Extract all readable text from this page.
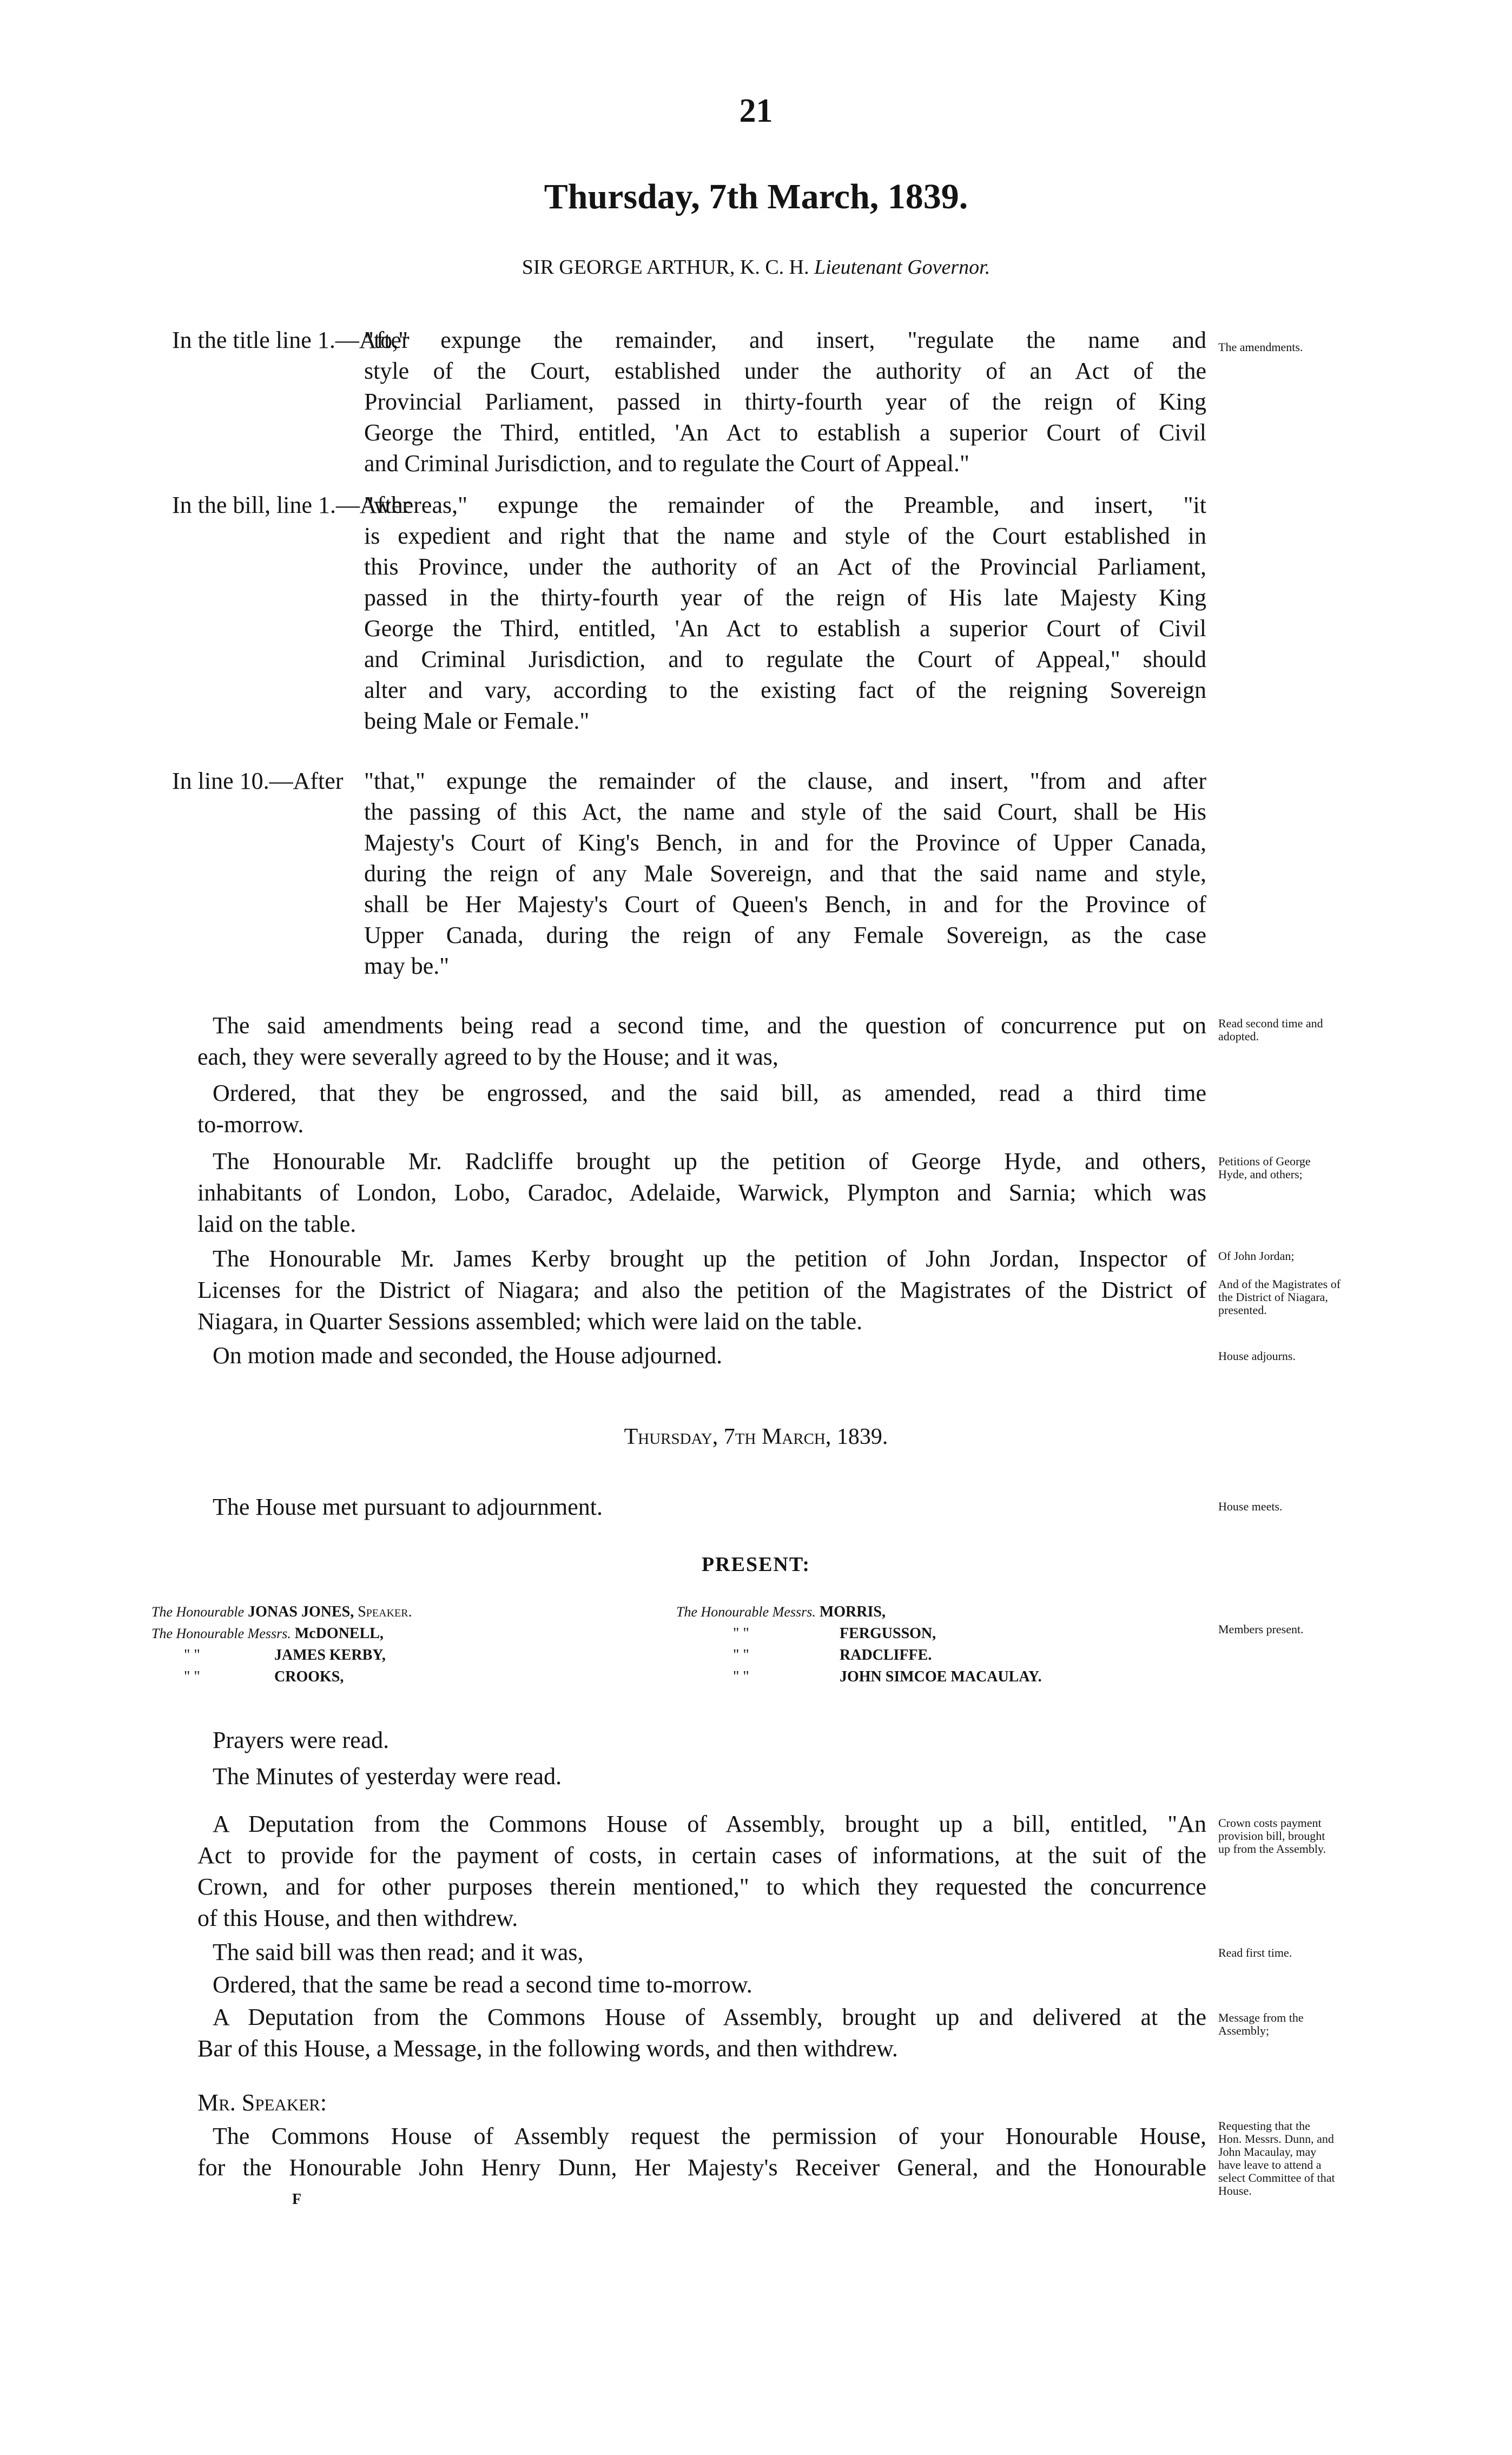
21
Thursday, 7th March, 1839.
SIR GEORGE ARTHUR, K. C. H. Lieutenant Governor.
In the title line 1.—After
"to," expunge the remainder, and insert, "regulate the name and
style of the Court, established under the authority of an Act of the
Provincial Parliament, passed in thirty-fourth year of the reign of King
George the Third, entitled, 'An Act to establish a superior Court of Civil
and Criminal Jurisdiction, and to regulate the Court of Appeal."
In the bill, line 1.—After
"whereas," expunge the remainder of the Preamble, and insert, "it
is expedient and right that the name and style of the Court established in
this Province, under the authority of an Act of the Provincial Parliament,
passed in the thirty-fourth year of the reign of His late Majesty King
George the Third, entitled, 'An Act to establish a superior Court of Civil
and Criminal Jurisdiction, and to regulate the Court of Appeal," should
alter and vary, according to the existing fact of the reigning Sovereign
being Male or Female."
In line 10.—After "that," expunge the remainder of the clause, and insert, "from and after
the passing of this Act, the name and style of the said Court, shall be His
Majesty's Court of King's Bench, in and for the Province of Upper Canada,
during the reign of any Male Sovereign, and that the said name and style,
shall be Her Majesty's Court of Queen's Bench, in and for the Province of
Upper Canada, during the reign of any Female Sovereign, as the case
may be."
The said amendments being read a second time, and the question of concurrence put on
each, they were severally agreed to by the House; and it was,
Ordered, that they be engrossed, and the said bill, as amended, read a third time
to-morrow.
The Honourable Mr. Radcliffe brought up the petition of George Hyde, and others,
inhabitants of London, Lobo, Caradoc, Adelaide, Warwick, Plympton and Sarnia; which was
laid on the table.
The Honourable Mr. James Kerby brought up the petition of John Jordan, Inspector of
Licenses for the District of Niagara; and also the petition of the Magistrates of the District of
Niagara, in Quarter Sessions assembled; which were laid on the table.
On motion made and seconded, the House adjourned.
Thursday, 7th March, 1839.
The House met pursuant to adjournment.
PRESENT:
The Honourable JONAS JONES, Speaker.
The Honourable Messrs. McDONELL,
" "	JAMES KERBY,
" "	CROOKS,
The Honourable Messrs. MORRIS,
" "	FERGUSSON,
" "	RADCLIFFE.
" "	JOHN SIMCOE MACAULAY.
Prayers were read.
The Minutes of yesterday were read.
A Deputation from the Commons House of Assembly, brought up a bill, entitled, "An
Act to provide for the payment of costs, in certain cases of informations, at the suit of the
Crown, and for other purposes therein mentioned," to which they requested the concurrence
of this House, and then withdrew.
The said bill was then read; and it was,
Ordered, that the same be read a second time to-morrow.
A Deputation from the Commons House of Assembly, brought up and delivered at the
Bar of this House, a Message, in the following words, and then withdrew.
Mr. Speaker:
The Commons House of Assembly request the permission of your Honourable House,
for the Honourable John Henry Dunn, Her Majesty's Receiver General, and the Honourable
F
The amendments.
Read second time and
adopted.
Petitions of George
Hyde, and others;
Of John Jordan;
And of the Magistrates of
the District of Niagara,
presented.
House adjourns.
House meets.
Members present.
Crown costs payment
provision bill, brought
up from the Assembly.
Read first time.
Message from the
Assembly;
Requesting that the
Hon. Messrs. Dunn, and
John Macaulay, may
have leave to attend a
select Committee of that
House.
